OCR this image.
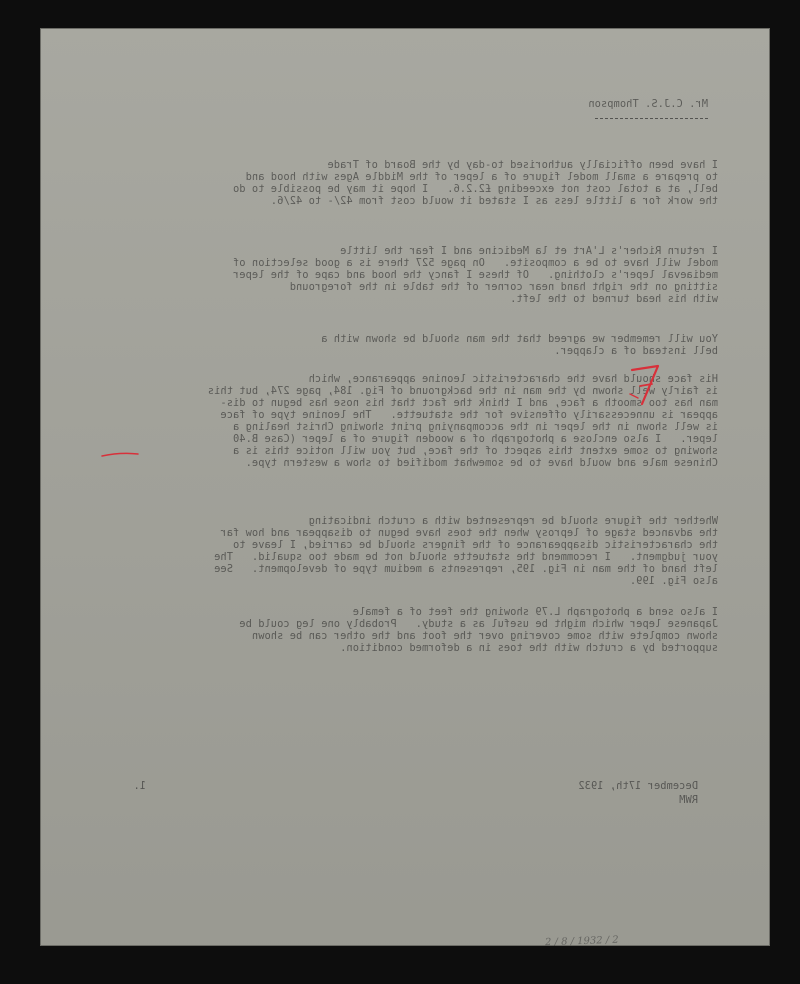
Mr. C.J.S. Thompson
I have been officially authorised to-day by the Board of Trade
to prepare a small model figure of a leper of the Middle Ages with hood and
bell, at a total cost not exceeding £2.2.6.   I hope it may be possible to do
the work for a little less as I stated it would cost from 42/- to 42/6.
I return Richer's L'Art et la Medicine and I fear the little
model will have to be a composite.   On page 527 there is a good selection of
mediaeval leper's clothing.   Of these I fancy the hood and cape of the leper
sitting on the right hand near corner of the table in the foreground
with his head turned to the left.
You will remember we agreed that the man should be shown with a
bell instead of a clapper.
His face should have the characteristic leonine appearance, which
is fairly well shown by the man in the background of Fig. 184, page 274, but this
man has too smooth a face, and I think the fact that his nose has begun to dis-
appear is unnecessarily offensive for the statuette.   The leonine type of face
is well shown in the leper in the accompanying print showing Christ healing a
leper.   I also enclose a photograph of a wooden figure of a leper (Case B.40
showing to some extent this aspect of the face, but you will notice this is a
Chinese male and would have to be somewhat modified to show a western type.
Whether the figure should be represented with a crutch indicating
the advanced stage of leprosy when the toes have begun to disappear and how far
the characteristic disappearance of the fingers should be carried, I leave to
your judgment.   I recommend the statuette should not be made too squalid.   The
left hand of the man in Fig. 195, represents a medium type of development.   See
also Fig. 199.
I also send a photograph L.79 showing the feet of a female
Japanese leper which might be useful as a study.   Probably one leg could be
shown complete with some covering over the foot and the other can be shown
supported by a crutch with the toes in a deformed condition.
December 17th, 1932
RWM
1.
2 / 8 / 1932 / 2
